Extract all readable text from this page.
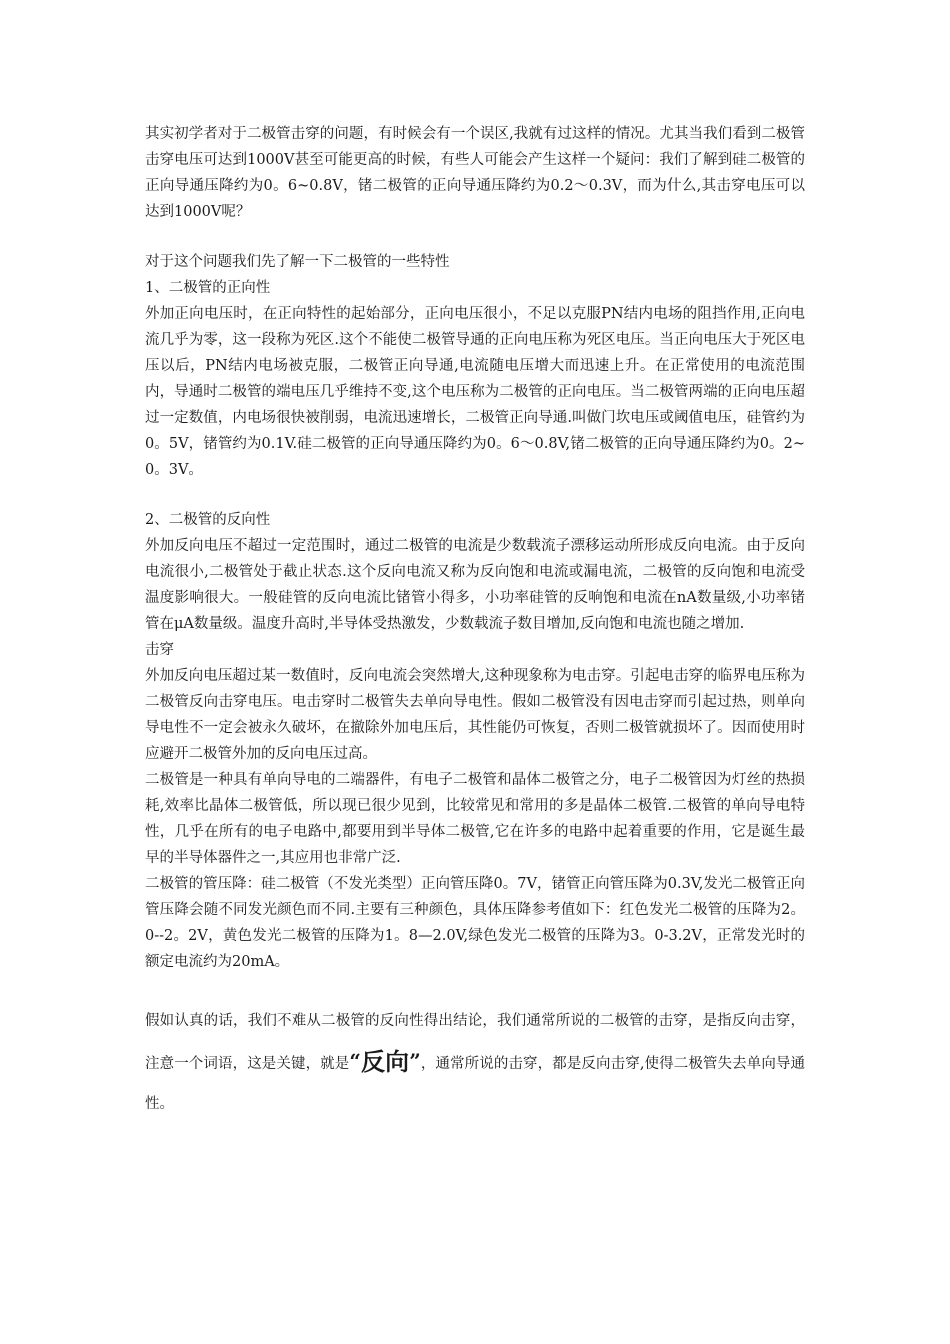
其实初学者对于二极管击穿的问题，有时候会有一个误区,我就有过这样的情况。尤其当我们看到二极管击穿电压可达到1000V甚至可能更高的时候，有些人可能会产生这样一个疑问：我们了解到硅二极管的正向导通压降约为0。6~0.8V，锗二极管的正向导通压降约为0.2～0.3V，而为什么,其击穿电压可以达到1000V呢？

对于这个问题我们先了解一下二极管的一些特性

1、二极管的正向性

外加正向电压时，在正向特性的起始部分，正向电压很小，不足以克服PN结内电场的阻挡作用,正向电流几乎为零，这一段称为死区.这个不能使二极管导通的正向电压称为死区电压。当正向电压大于死区电压以后，PN结内电场被克服，二极管正向导通,电流随电压增大而迅速上升。在正常使用的电流范围内，导通时二极管的端电压几乎维持不变,这个电压称为二极管的正向电压。当二极管两端的正向电压超过一定数值，内电场很快被削弱，电流迅速增长，二极管正向导通.叫做门坎电压或阈值电压，硅管约为0。5V，锗管约为0.1V.硅二极管的正向导通压降约为0。6～0.8V,锗二极管的正向导通压降约为0。2~0。3V。

2、二极管的反向性

外加反向电压不超过一定范围时，通过二极管的电流是少数载流子漂移运动所形成反向电流。由于反向电流很小,二极管处于截止状态.这个反向电流又称为反向饱和电流或漏电流，二极管的反向饱和电流受温度影响很大。一般硅管的反向电流比锗管小得多，小功率硅管的反响饱和电流在nA数量级,小功率锗管在μA数量级。温度升高时,半导体受热激发，少数载流子数目增加,反向饱和电流也随之增加.

击穿

外加反向电压超过某一数值时，反向电流会突然增大,这种现象称为电击穿。引起电击穿的临界电压称为二极管反向击穿电压。电击穿时二极管失去单向导电性。假如二极管没有因电击穿而引起过热，则单向导电性不一定会被永久破坏，在撤除外加电压后，其性能仍可恢复，否则二极管就损坏了。因而使用时应避开二极管外加的反向电压过高。

二极管是一种具有单向导电的二端器件，有电子二极管和晶体二极管之分，电子二极管因为灯丝的热损耗,效率比晶体二极管低，所以现已很少见到，比较常见和常用的多是晶体二极管.二极管的单向导电特性，几乎在所有的电子电路中,都要用到半导体二极管,它在许多的电路中起着重要的作用，它是诞生最早的半导体器件之一,其应用也非常广泛.

二极管的管压降：硅二极管（不发光类型）正向管压降0。7V，锗管正向管压降为0.3V,发光二极管正向管压降会随不同发光颜色而不同.主要有三种颜色，具体压降参考值如下：红色发光二极管的压降为2。0--2。2V，黄色发光二极管的压降为1。8—2.0V,绿色发光二极管的压降为3。0-3.2V，正常发光时的额定电流约为20mA。

假如认真的话，我们不难从二极管的反向性得出结论，我们通常所说的二极管的击穿，是指反向击穿，注意一个词语，这是关键，就是“反向”，通常所说的击穿，都是反向击穿,使得二极管失去单向导通性。
